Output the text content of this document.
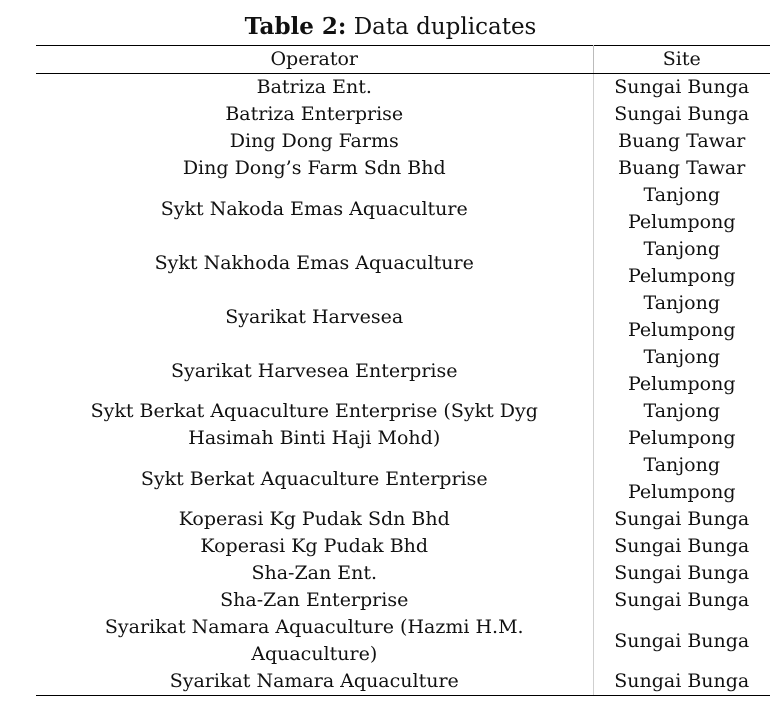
Table 2: Data duplicates
Operator	Site
Batriza Ent.	Sungai Bunga
Batriza Enterprise	Sungai Bunga
Ding Dong Farms	Buang Tawar
Ding Dong’s Farm Sdn Bhd	Buang Tawar
Sykt Nakoda Emas Aquaculture	Tanjong Pelumpong
Sykt Nakhoda Emas Aquaculture	Tanjong Pelumpong
Syarikat Harvesea	Tanjong Pelumpong
Syarikat Harvesea Enterprise	Tanjong Pelumpong
Sykt Berkat Aquaculture Enterprise (Sykt Dyg Hasimah Binti Haji Mohd)	Tanjong Pelumpong
Sykt Berkat Aquaculture Enterprise	Tanjong Pelumpong
Koperasi Kg Pudak Sdn Bhd	Sungai Bunga
Koperasi Kg Pudak Bhd	Sungai Bunga
Sha-Zan Ent.	Sungai Bunga
Sha-Zan Enterprise	Sungai Bunga
Syarikat Namara Aquaculture (Hazmi H.M. Aquaculture)	Sungai Bunga
Syarikat Namara Aquaculture	Sungai Bunga
